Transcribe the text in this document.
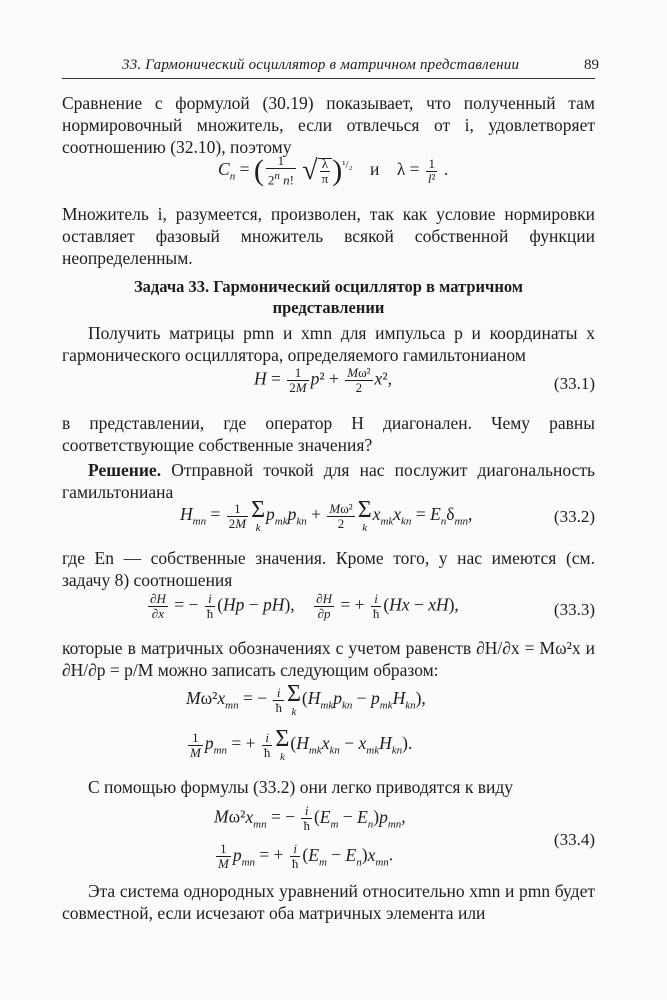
33. Гармонический осциллятор в матричном представлении	89
Сравнение с формулой (30.19) показывает, что полученный там нормировочный множитель, если отвлечься от i, удовлетворяет соотношению (32.10), поэтому
$C_n$ = ( $\frac{1}{2^n n!}$ √ $\frac{\lambda}{\pi} )^{^1/_2}$ и    $\lambda = \frac{1}{\text{l²}}$ .
Множитель i, разумеется, произволен, так как условие нормировки оставляет фазовый множитель всякой собственной функции неопределенным.
Задача 33. Гармонический осциллятор в матричном
представлении
Получить матрицы pmn и xmn для импульса p и координаты x гармонического осциллятора, определяемого гамильтонианом
$H = \frac{1}{2M} p^2 + \frac{\text{Mω²}}{2} x^2$,	(33.1)
в представлении, где оператор H диагонален. Чему равны соответствующие собственные значения?
Решение. Отправной точкой для нас послужит диагональность гамильтониана
$H_{mn} = \frac{1}{2M}$ Σ
k
$p_{mk}p_{kn} + \frac{\text{Mω²}}{2}$ Σ
k
$x_{mk}x_{kn} = E_n\delta_{mn}$,	(33.2)
где En — собственные значения. Кроме того, у нас имеются (см. задачу 8) соотношения
$\frac{\partial H}{\partial x}$ = − $\frac{i}{ħ} (Hp - pH)$, $\frac{\partial H}{\partial p}$ = + $\frac{i}{ħ} (Hx - xH)$,	(33.3)
которые в матричных обозначениях с учетом равенств ∂H/∂x = Mω²x и ∂H/∂p = p/M можно записать следующим образом:
$M\omega^2x_{mn}$ = − $\frac{i}{ħ}$ Σ
k
$(H_{mk}p_{kn} - p_{mk}H_{kn})$,
$\frac{1}{M} p_{mn}$ = + $\frac{i}{ħ}$ Σ
k
$(H_{mk}x_{kn} - x_{mk}H_{kn})$.
С помощью формулы (33.2) они легко приводятся к виду
$M\omega^2x_{mn}$ = − $\frac{i}{ħ} (E_m - E_n)p_{mn}$,
$\frac{1}{M} p_{mn}$ = + $\frac{i}{ħ} (E_m - E_n)x_{mn}$.
(33.4)
Эта система однородных уравнений относительно xmn и pmn будет совместной, если исчезают оба матричных элемента или
